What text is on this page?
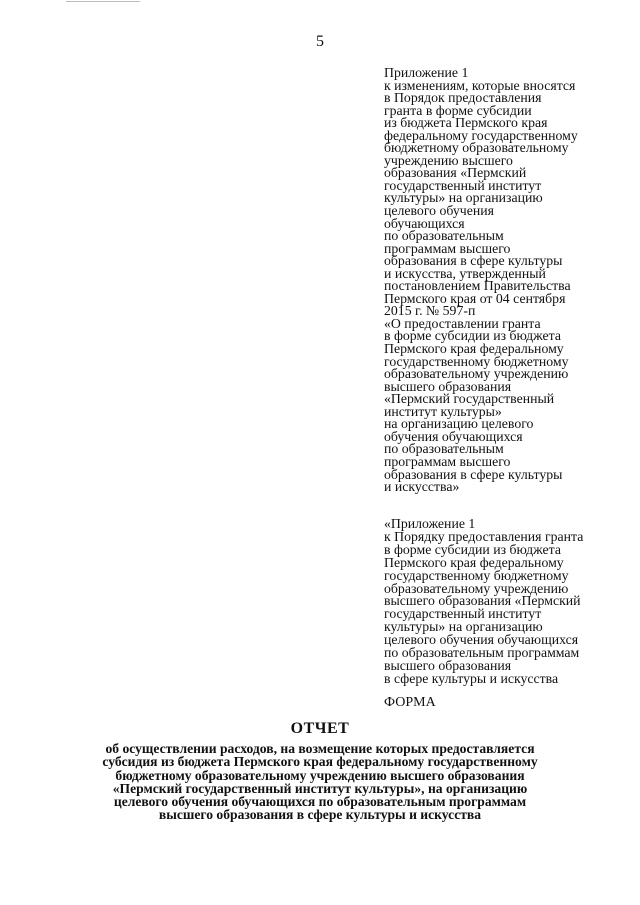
5
Приложение 1
к изменениям, которые вносятся
в Порядок предоставления
гранта в форме субсидии
из бюджета Пермского края
федеральному государственному
бюджетному образовательному
учреждению высшего
образования «Пермский
государственный институт
культуры» на организацию
целевого обучения
обучающихся
по образовательным
программам высшего
образования в сфере культуры
и искусства, утвержденный
постановлением Правительства
Пермского края от 04 сентября
2015 г. № 597-п
«О предоставлении гранта
в форме субсидии из бюджета
Пермского края федеральному
государственному бюджетному
образовательному учреждению
высшего образования
«Пермский государственный
институт культуры»
на организацию целевого
обучения обучающихся
по образовательным
программам высшего
образования в сфере культуры
и искусства»
«Приложение 1
к Порядку предоставления гранта
в форме субсидии из бюджета
Пермского края федеральному
государственному бюджетному
образовательному учреждению
высшего образования «Пермский
государственный институт
культуры» на организацию
целевого обучения обучающихся
по образовательным программам
высшего образования
в сфере культуры и искусства
ФОРМА
ОТЧЕТ
об осуществлении расходов, на возмещение которых предоставляется
субсидия из бюджета Пермского края федеральному государственному
бюджетному образовательному учреждению высшего образования
«Пермский государственный институт культуры», на организацию
целевого обучения обучающихся по образовательным программам
высшего образования в сфере культуры и искусства
